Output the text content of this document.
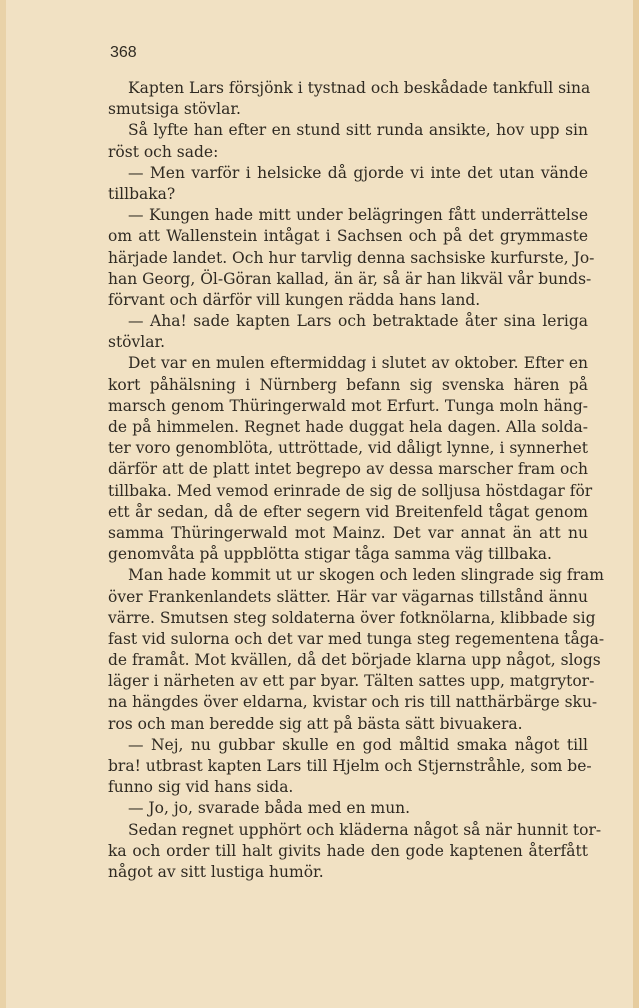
368
Kapten Lars försjönk i tystnad och beskådade tankfull sina
smutsiga stövlar.
Så lyfte han efter en stund sitt runda ansikte, hov upp sin
röst och sade:
— Men varför i helsicke då gjorde vi inte det utan vände
tillbaka?
— Kungen hade mitt under belägringen fått underrättelse
om att Wallenstein intågat i Sachsen och på det grymmaste
härjade landet. Och hur tarvlig denna sachsiske kurfurste, Jo-
han Georg, Öl-Göran kallad, än är, så är han likväl vår bunds-
förvant och därför vill kungen rädda hans land.
— Aha! sade kapten Lars och betraktade åter sina leriga
stövlar.
Det var en mulen eftermiddag i slutet av oktober. Efter en
kort påhälsning i Nürnberg befann sig svenska hären på
marsch genom Thüringerwald mot Erfurt. Tunga moln häng-
de på himmelen. Regnet hade duggat hela dagen. Alla solda-
ter voro genomblöta, uttröttade, vid dåligt lynne, i synnerhet
därför att de platt intet begrepo av dessa marscher fram och
tillbaka. Med vemod erinrade de sig de solljusa höstdagar för
ett år sedan, då de efter segern vid Breitenfeld tågat genom
samma Thüringerwald mot Mainz. Det var annat än att nu
genomvåta på uppblötta stigar tåga samma väg tillbaka.
Man hade kommit ut ur skogen och leden slingrade sig fram
över Frankenlandets slätter. Här var vägarnas tillstånd ännu
värre. Smutsen steg soldaterna över fotknölarna, klibbade sig
fast vid sulorna och det var med tunga steg regementena tåga-
de framåt. Mot kvällen, då det började klarna upp något, slogs
läger i närheten av ett par byar. Tälten sattes upp, matgrytor-
na hängdes över eldarna, kvistar och ris till natthärbärge sku-
ros och man beredde sig att på bästa sätt bivuakera.
— Nej, nu gubbar skulle en god måltid smaka något till
bra! utbrast kapten Lars till Hjelm och Stjernstråhle, som be-
funno sig vid hans sida.
— Jo, jo, svarade båda med en mun.
Sedan regnet upphört och kläderna något så när hunnit tor-
ka och order till halt givits hade den gode kaptenen återfått
något av sitt lustiga humör.
